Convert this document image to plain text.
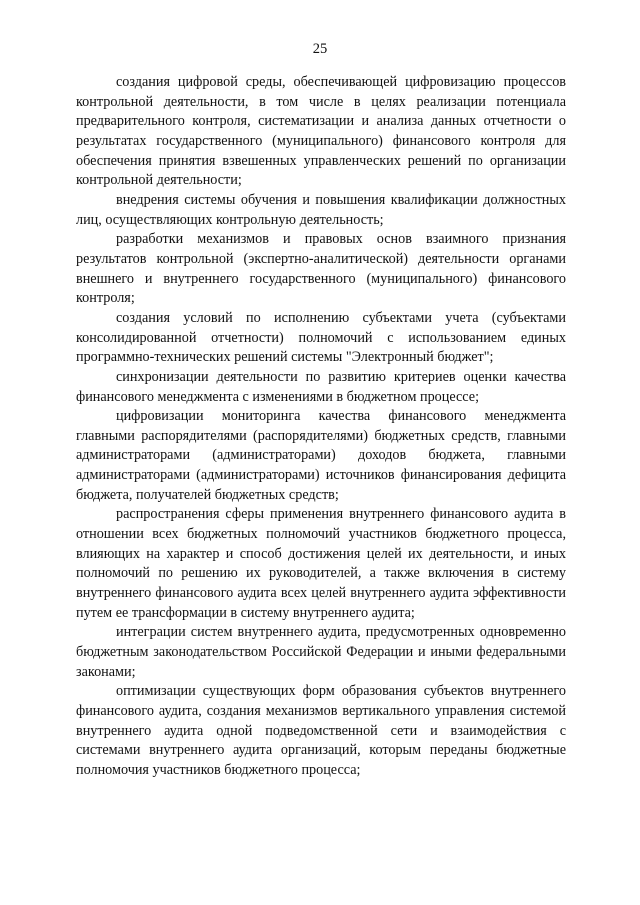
25

создания цифровой среды, обеспечивающей цифровизацию процессов контрольной деятельности, в том числе в целях реализации потенциала предварительного контроля, систематизации и анализа данных отчетности о результатах государственного (муниципального) финансового контроля для обеспечения принятия взвешенных управленческих решений по организации контрольной деятельности;

внедрения системы обучения и повышения квалификации должностных лиц, осуществляющих контрольную деятельность;

разработки механизмов и правовых основ взаимного признания результатов контрольной (экспертно-аналитической) деятельности органами внешнего и внутреннего государственного (муниципального) финансового контроля;

создания условий по исполнению субъектами учета (субъектами консолидированной отчетности) полномочий с использованием единых программно-технических решений системы "Электронный бюджет";

синхронизации деятельности по развитию критериев оценки качества финансового менеджмента с изменениями в бюджетном процессе;

цифровизации мониторинга качества финансового менеджмента главными распорядителями (распорядителями) бюджетных средств, главными администраторами (администраторами) доходов бюджета, главными администраторами (администраторами) источников финансирования дефицита бюджета, получателей бюджетных средств;

распространения сферы применения внутреннего финансового аудита в отношении всех бюджетных полномочий участников бюджетного процесса, влияющих на характер и способ достижения целей их деятельности, и иных полномочий по решению их руководителей, а также включения в систему внутреннего финансового аудита всех целей внутреннего аудита эффективности путем ее трансформации в систему внутреннего аудита;

интеграции систем внутреннего аудита, предусмотренных одновременно бюджетным законодательством Российской Федерации и иными федеральными законами;

оптимизации существующих форм образования субъектов внутреннего финансового аудита, создания механизмов вертикального управления системой внутреннего аудита одной подведомственной сети и взаимодействия с системами внутреннего аудита организаций, которым переданы бюджетные полномочия участников бюджетного процесса;
